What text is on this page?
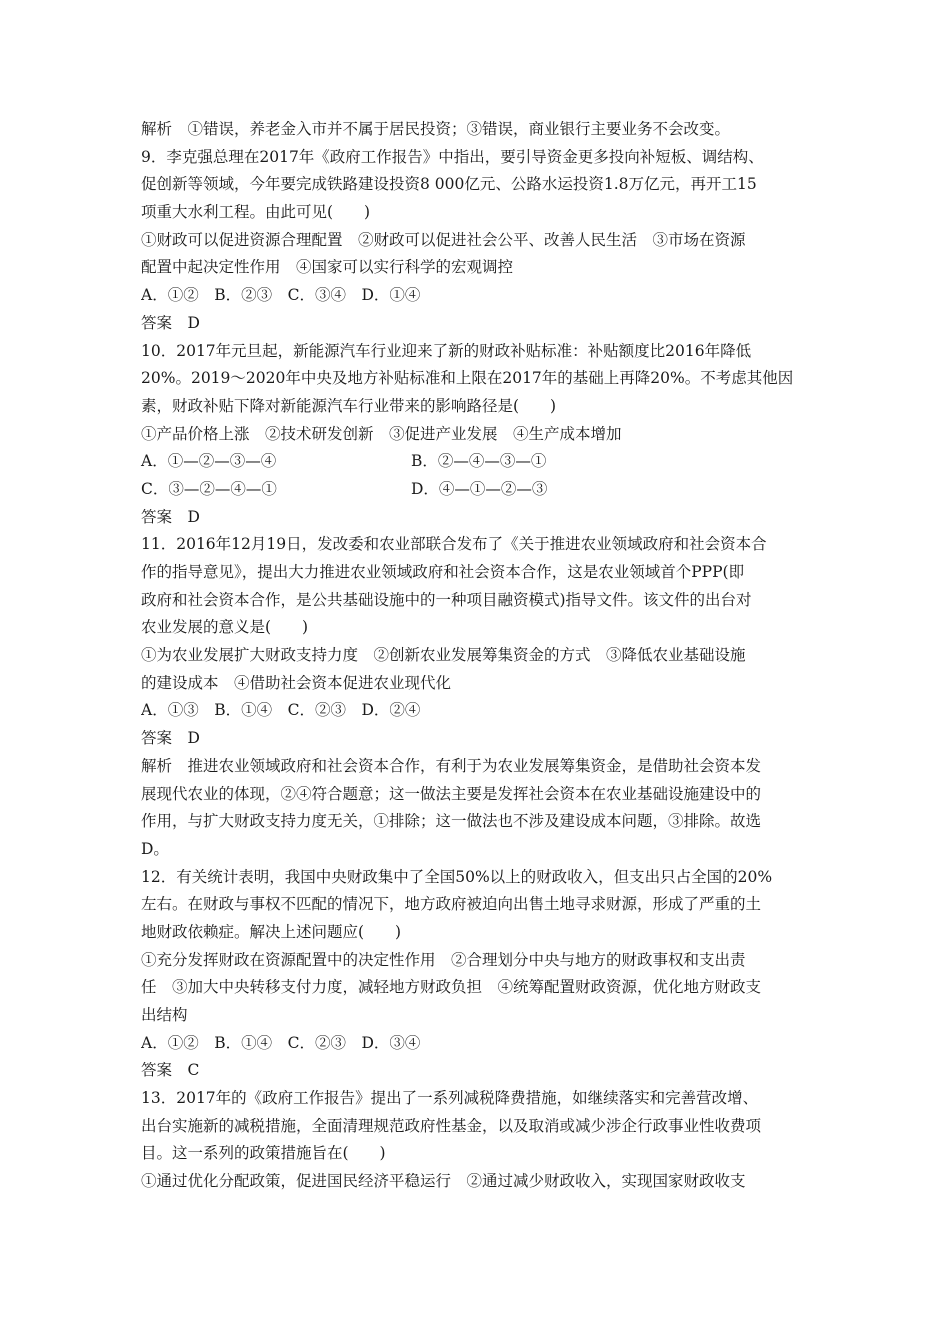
解析　①错误，养老金入市并不属于居民投资；③错误，商业银行主要业务不会改变。
9．李克强总理在2017年《政府工作报告》中指出，要引导资金更多投向补短板、调结构、
促创新等领域，今年要完成铁路建设投资8 000亿元、公路水运投资1.8万亿元，再开工15
项重大水利工程。由此可见(　　)
①财政可以促进资源合理配置　②财政可以促进社会公平、改善人民生活　③市场在资源
配置中起决定性作用　④国家可以实行科学的宏观调控
A．①②　B．②③　C．③④　D．①④
答案　D
10．2017年元旦起，新能源汽车行业迎来了新的财政补贴标准：补贴额度比2016年降低
20%。2019～2020年中央及地方补贴标准和上限在2017年的基础上再降20%。不考虑其他因
素，财政补贴下降对新能源汽车行业带来的影响路径是(　　)
①产品价格上涨　②技术研发创新　③促进产业发展　④生产成本增加
A．①—②—③—④	B．②—④—③—①
C．③—②—④—①	D．④—①—②—③
答案　D
11．2016年12月19日，发改委和农业部联合发布了《关于推进农业领域政府和社会资本合
作的指导意见》，提出大力推进农业领域政府和社会资本合作，这是农业领域首个PPP(即
政府和社会资本合作，是公共基础设施中的一种项目融资模式)指导文件。该文件的出台对
农业发展的意义是(　　)
①为农业发展扩大财政支持力度　②创新农业发展筹集资金的方式　③降低农业基础设施
的建设成本　④借助社会资本促进农业现代化
A．①③　B．①④　C．②③　D．②④
答案　D
解析　推进农业领域政府和社会资本合作，有利于为农业发展筹集资金，是借助社会资本发
展现代农业的体现，②④符合题意；这一做法主要是发挥社会资本在农业基础设施建设中的
作用，与扩大财政支持力度无关，①排除；这一做法也不涉及建设成本问题，③排除。故选
D。
12．有关统计表明，我国中央财政集中了全国50%以上的财政收入，但支出只占全国的20%
左右。在财政与事权不匹配的情况下，地方政府被迫向出售土地寻求财源，形成了严重的土
地财政依赖症。解决上述问题应(　　)
①充分发挥财政在资源配置中的决定性作用　②合理划分中央与地方的财政事权和支出责
任　③加大中央转移支付力度，减轻地方财政负担　④统筹配置财政资源，优化地方财政支
出结构
A．①②　B．①④　C．②③　D．③④
答案　C
13．2017年的《政府工作报告》提出了一系列减税降费措施，如继续落实和完善营改增、
出台实施新的减税措施，全面清理规范政府性基金，以及取消或减少涉企行政事业性收费项
目。这一系列的政策措施旨在(　　)
①通过优化分配政策，促进国民经济平稳运行　②通过减少财政收入，实现国家财政收支
